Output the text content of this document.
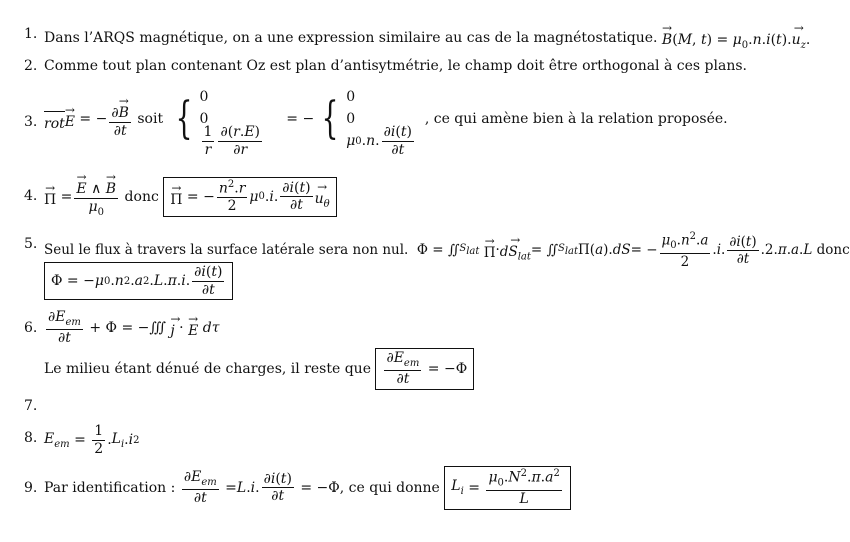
1. Dans l’ARQS magnétique, on a une expression similaire au cas de la magnétostatique.

→ B(M, $t) = \mu_0.n.i(t).\to u_z$.
2. Comme tout plan contenant Oz est plan d’antisytmétrie, le champ doit être orthogonal à ces plans.
3. rot
→ E = − $\frac{\partial\to B}{\partial t}$
soit
{ 0
0
$\frac{1}{r} \frac{\partial(r.E)}{\partial r}$
= − { 0
0
μ 0 . n . $\frac{\partial i(t)}{\partial t}$

, ce qui amène bien à la relation proposée.
4.
→ Π =
→ $\frac{E \wedge \to B}{\mu_0}$
donc

→ Π = − $\frac{n^2.r}{2}$ μ 0 . i . $\frac{\partial i(t)}{\partial t}$
→ $u_\theta$
5. Seul le flux à travers la surface latérale sera non nul. Φ = ∬ $S_{lat}$

→ Π ·
→ $dS_{lat}$ = ∬ $S_{lat}$ Π( a ). dS = − $\frac{\mu_0.n^2.a}{2}$ . i . $\frac{\partial i(t)}{\partial t} .2$. π . a . L
donc
Φ = − μ 0 . n 2 . a 2 . L . π . i . $\frac{\partial i(t)}{\partial t}$
6. $\frac{\partial E_{em}}{\partial t} + \Phi$ = −∭
→ j ·
→ E
dτ
Le milieu étant dénué de charges, il reste que
$\frac{\partial E_{em}}{\partial t} = -\Phi$
7.
8. $E_{em} = \frac{1}{2}$ . $L_i$ . i 2
9. Par identification :
$\frac{\partial E_{em}}{\partial t} = L$ . i . $\frac{\partial i(t)}{\partial t} = -\Phi$ , ce qui donne
$L_i = \frac{\mu_0.N^2.\pi.a^2}{L}$
